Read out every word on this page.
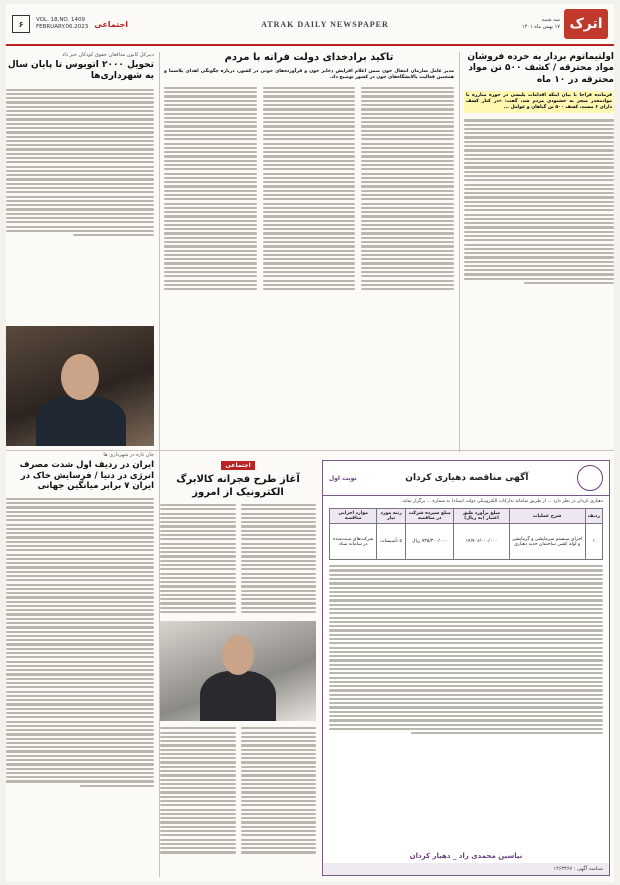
اترک
سه شنبه
۱۷ بهمن ماه ۱۴۰۱
ATRAK DAILY NEWSPAPER
۶	VOL. 18,NO. 1409
FEBRUARY.06.2023 اجتماعی
اولتیماتوم بردار به خرده فروشان مواد محترقه / کشف ۵۰۰ تن مواد محترقه در ۱۰ ماه
فرمانده فراجا با بیان اینکه اقدامات پلیسی در حوزه مبارزه با موادمخدر منجر به خشنودی مردم شد، گفت: «در کنار کشف دارای ۶ مسند، کشف ۵۰۰ تن گیاهان و عوامل ...
تاکید برادخدای دولت فرانه با مردم
مدیر عامل سازمان انتقال خون ضمن اعلام افزایش ذخایر خون و فرآورده‌های خونی در کشور، درباره چگونگی اهدای پلاسما و همچنین فعالیت پالایشگاه‌های خون در کشور توضیح داد.
دبیرکل کانون مدافعان حقوق کودکان خبر داد
تحویل ۲۰۰۰ اتوبوس تا پایان سال به شهرداری‌ها
جان تازه در شهرداری ها
ایران در ردیف اول شدت مصرف انرژی در دنیا / فرسایش خاک در ایران ۷ برابر میانگین جهانی
اجتماعی
آغاز طرح فجرانه کالابرگ الکترونیک از امروز
آگهی مناقصه دهیاری کردان
نوبت اول
دهیاری کردان در نظر دارد ... از طریق سامانه تدارکات الکترونیکی دولت (ستاد) به شماره ... برگزار نماید.
ردیف	شرح عملیات	مبلغ برآورد طبق اعتبار (به ریال)	مبلغ سپرده شرکت در مناقصه	رتبه مورد نیاز	موارد اجرایی مناقصه
۱	اجرای سیستم سرمایشی و گرمایشی و لوله کشی ساختمان جدید دهیاری	۱۴/۷۰۶/۰۰۰/۰۰۰	۷۳۵/۳۰۰/۰۰۰ ریال	۵ تأسیسات	شرکت‌های سبت‌شده در سامانه ستاد
نیاسین محمدی راد _ دهیار کردان
شناسه آگهی : ۱۴۶۳۳۶۷
